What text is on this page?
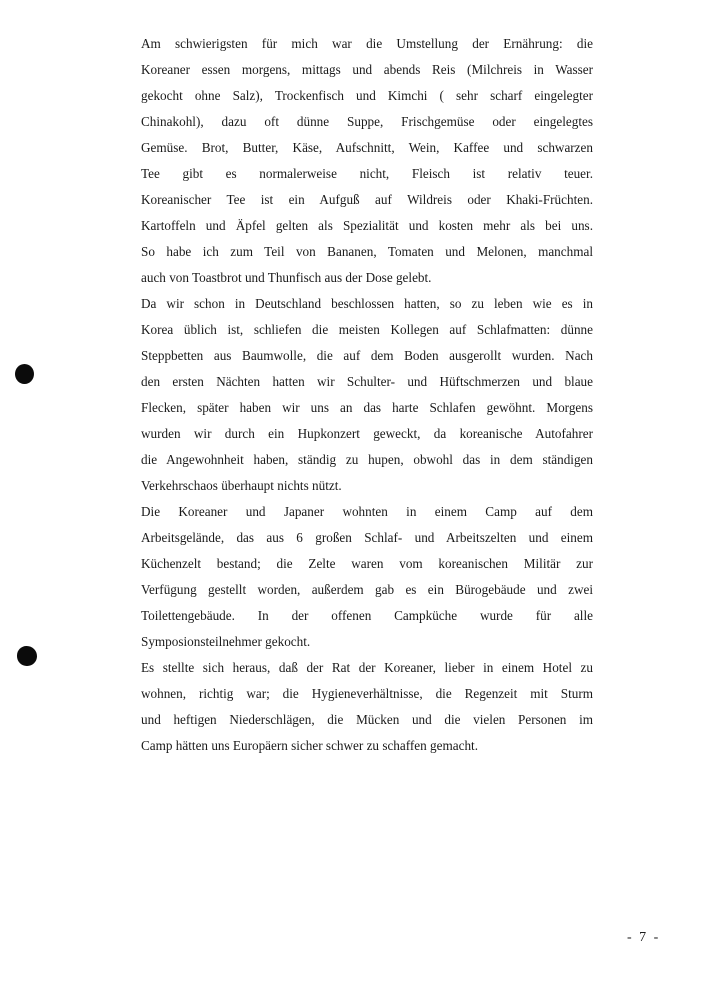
Am schwierigsten für mich war die Umstellung der Ernährung: die
Koreaner essen morgens, mittags und abends Reis (Milchreis in Wasser
gekocht ohne Salz), Trockenfisch und Kimchi ( sehr scharf eingelegter
Chinakohl), dazu oft dünne Suppe, Frischgemüse oder eingelegtes
Gemüse. Brot, Butter, Käse, Aufschnitt, Wein, Kaffee und schwarzen
Tee gibt es normalerweise nicht, Fleisch ist relativ teuer.
Koreanischer Tee ist ein Aufguß auf Wildreis oder Khaki-Früchten.
Kartoffeln und Äpfel gelten als Spezialität und kosten mehr als bei uns.
So habe ich zum Teil von Bananen, Tomaten und Melonen, manchmal
auch von Toastbrot und Thunfisch aus der Dose gelebt.
Da wir schon in Deutschland beschlossen hatten, so zu leben wie es in
Korea üblich ist, schliefen die meisten Kollegen auf Schlafmatten: dünne
Steppbetten aus Baumwolle, die auf dem Boden ausgerollt wurden. Nach
den ersten Nächten hatten wir Schulter- und Hüftschmerzen und blaue
Flecken, später haben wir uns an das harte Schlafen gewöhnt. Morgens
wurden wir durch ein Hupkonzert geweckt, da koreanische Autofahrer
die Angewohnheit haben, ständig zu hupen, obwohl das in dem ständigen
Verkehrschaos überhaupt nichts nützt.
Die Koreaner und Japaner wohnten in einem Camp auf dem
Arbeitsgelände, das aus 6 großen Schlaf- und Arbeitszelten und einem
Küchenzelt bestand; die Zelte waren vom koreanischen Militär zur
Verfügung gestellt worden, außerdem gab es ein Bürogebäude und zwei
Toilettengebäude. In der offenen Campküche wurde für alle
Symposionsteilnehmer gekocht.
Es stellte sich heraus, daß der Rat der Koreaner, lieber in einem Hotel zu
wohnen, richtig war; die Hygieneverhältnisse, die Regenzeit mit Sturm
und heftigen Niederschlägen, die Mücken und die vielen Personen im
Camp hätten uns Europäern sicher schwer zu schaffen gemacht.
- 7 -
